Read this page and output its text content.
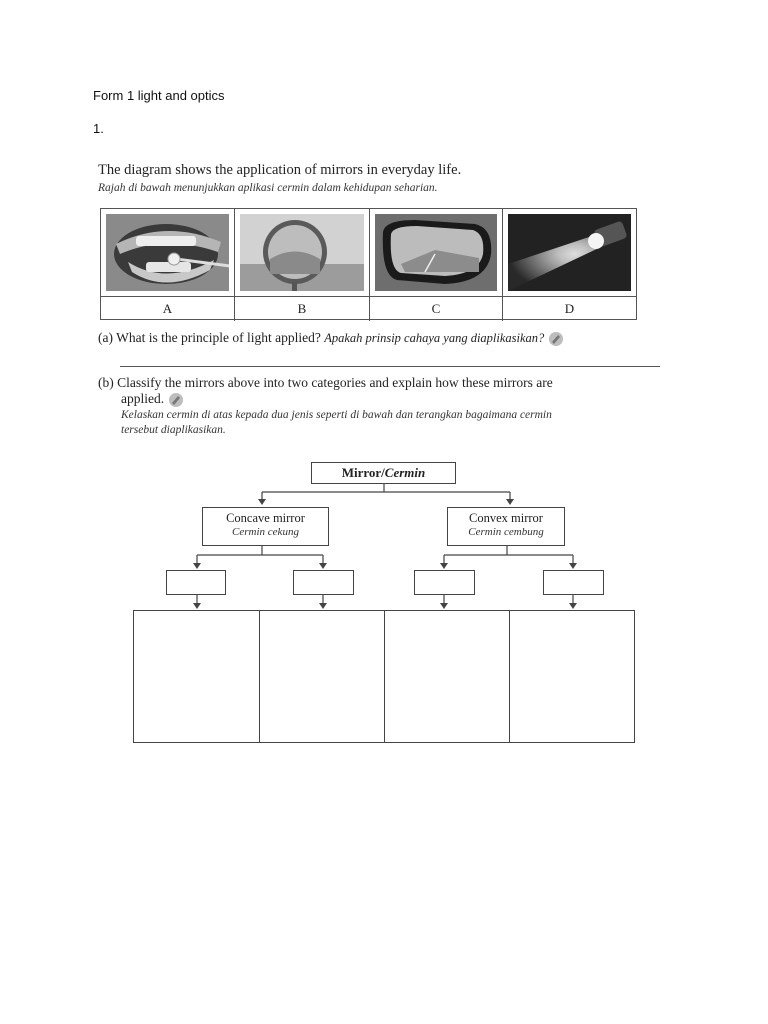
Form 1 light and optics
1.
The diagram shows the application of mirrors in everyday life.
Rajah di bawah menunjukkan aplikasi cermin dalam kehidupan seharian.
A	B	C	D
(a) What is the principle of light applied? Apakah prinsip cahaya yang diaplikasikan?
(b) Classify the mirrors above into two categories and explain how these mirrors are
applied.
Kelaskan cermin di atas kepada dua jenis seperti di bawah dan terangkan bagaimana cermin
tersebut diaplikasikan.
Mirror/Cermin
Concave mirror
Cermin cekung
Convex mirror
Cermin cembung
